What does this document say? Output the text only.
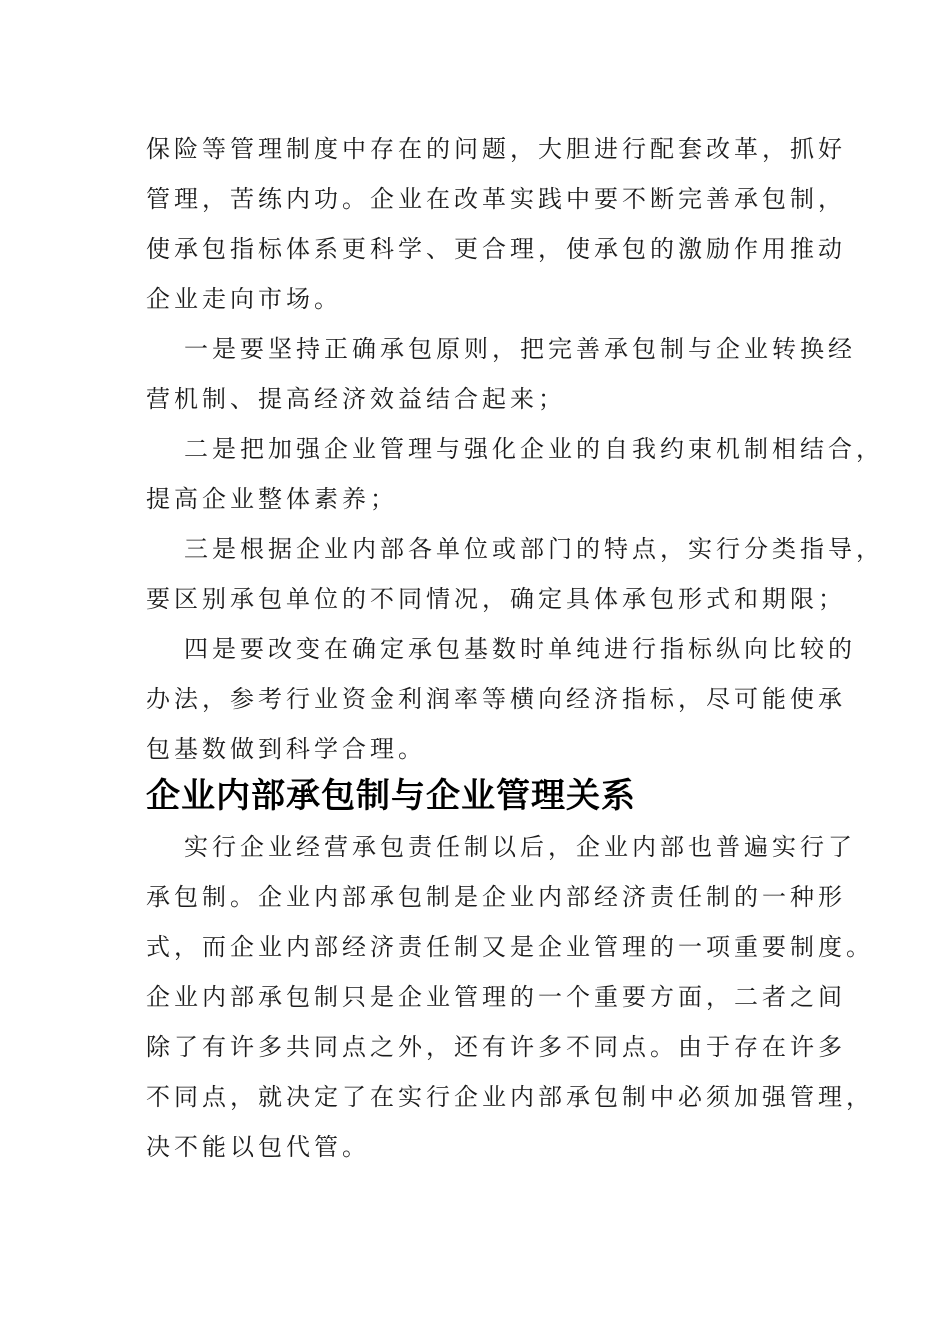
保险等管理制度中存在的问题，大胆进行配套改革，抓好
管理，苦练内功。企业在改革实践中要不断完善承包制，
使承包指标体系更科学、更合理，使承包的激励作用推动
企业走向市场。

一是要坚持正确承包原则，把完善承包制与企业转换经
营机制、提高经济效益结合起来；

二是把加强企业管理与强化企业的自我约束机制相结合，
提高企业整体素养；

三是根据企业内部各单位或部门的特点，实行分类指导，
要区别承包单位的不同情况，确定具体承包形式和期限；

四是要改变在确定承包基数时单纯进行指标纵向比较的
办法，参考行业资金利润率等横向经济指标，尽可能使承
包基数做到科学合理。

企业内部承包制与企业管理关系

实行企业经营承包责任制以后，企业内部也普遍实行了
承包制。企业内部承包制是企业内部经济责任制的一种形
式，而企业内部经济责任制又是企业管理的一项重要制度。
企业内部承包制只是企业管理的一个重要方面，二者之间
除了有许多共同点之外，还有许多不同点。由于存在许多
不同点，就决定了在实行企业内部承包制中必须加强管理，
决不能以包代管。
